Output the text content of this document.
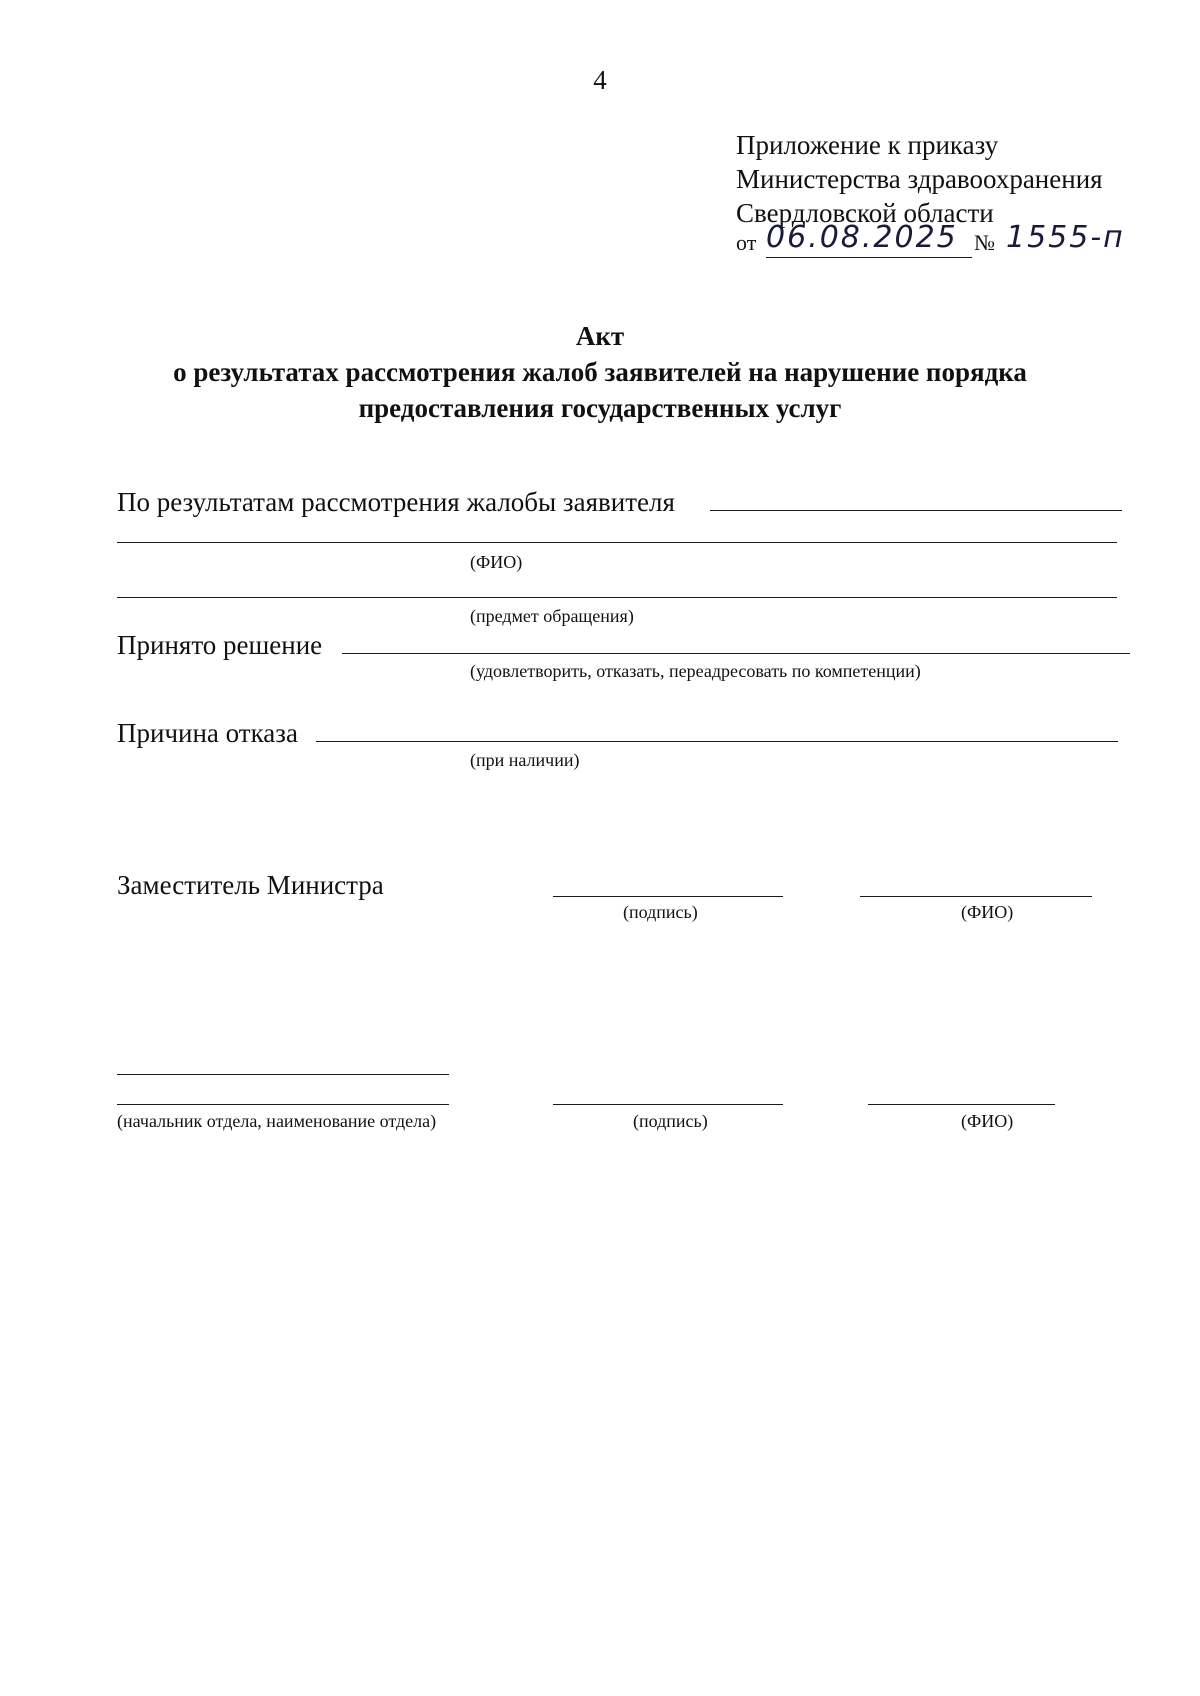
4
Приложение к приказу
Министерства здравоохранения
Свердловской области
от 06.08.2025 № 1555-п
Акт
о результатах рассмотрения жалоб заявителей на нарушение порядка
предоставления государственных услуг
По результатам рассмотрения жалобы заявителя
(ФИО)
(предмет обращения)
Принято решение
(удовлетворить, отказать, переадресовать по компетенции)
Причина отказа
(при наличии)
Заместитель Министра
(подпись)	(ФИО)
(начальник отдела, наименование отдела)	(подпись)	(ФИО)
